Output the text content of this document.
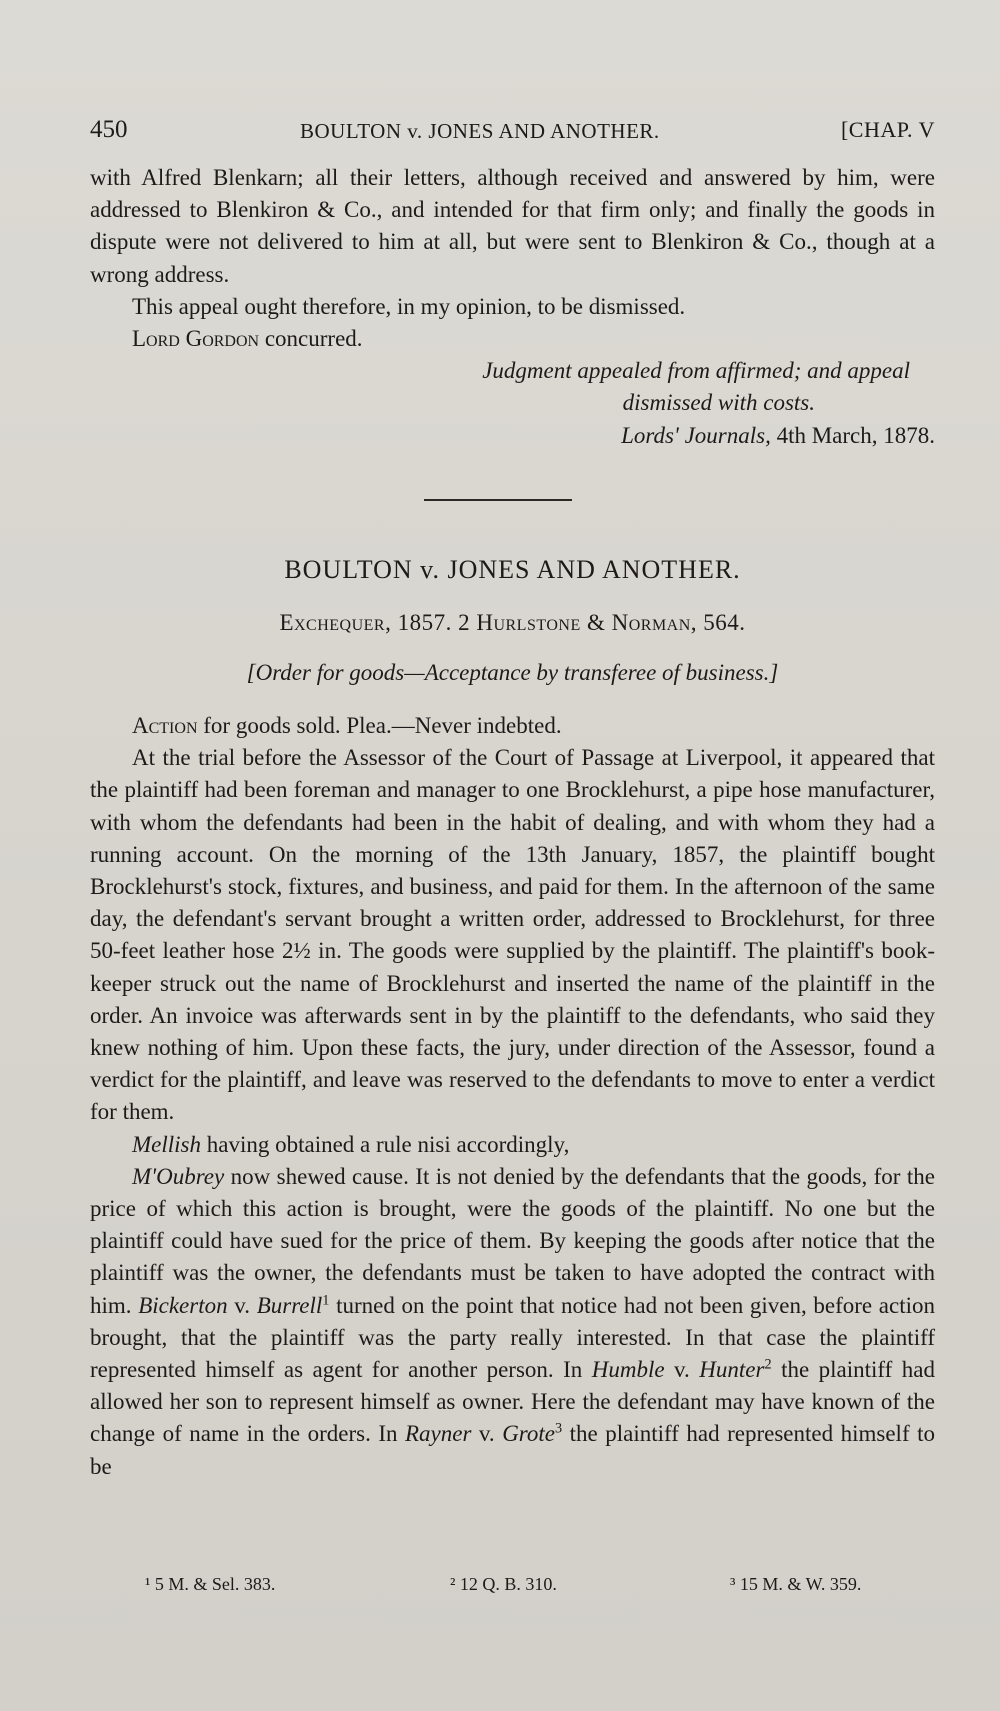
450	BOULTON v. JONES AND ANOTHER.	[CHAP. V

with Alfred Blenkarn; all their letters, although received and answered by him, were addressed to Blenkiron & Co., and intended for that firm only; and finally the goods in dispute were not delivered to him at all, but were sent to Blenkiron & Co., though at a wrong address.

This appeal ought therefore, in my opinion, to be dismissed.

Lord Gordon concurred.

Judgment appealed from affirmed; and appeal

dismissed with costs.

Lords' Journals, 4th March, 1878.

BOULTON v. JONES AND ANOTHER.
Exchequer, 1857. 2 Hurlstone & Norman, 564.
[Order for goods—Acceptance by transferee of business.]

Action for goods sold. Plea.—Never indebted.

At the trial before the Assessor of the Court of Passage at Liverpool, it appeared that the plaintiff had been foreman and manager to one Brocklehurst, a pipe hose manufacturer, with whom the defendants had been in the habit of dealing, and with whom they had a running account. On the morning of the 13th January, 1857, the plaintiff bought Brocklehurst's stock, fixtures, and business, and paid for them. In the afternoon of the same day, the defendant's servant brought a written order, addressed to Brocklehurst, for three 50-feet leather hose 2½ in. The goods were supplied by the plaintiff. The plaintiff's book-keeper struck out the name of Brocklehurst and inserted the name of the plaintiff in the order. An invoice was afterwards sent in by the plaintiff to the defendants, who said they knew nothing of him. Upon these facts, the jury, under direction of the Assessor, found a verdict for the plaintiff, and leave was reserved to the defendants to move to enter a verdict for them.

Mellish having obtained a rule nisi accordingly,

M'Oubrey now shewed cause. It is not denied by the defendants that the goods, for the price of which this action is brought, were the goods of the plaintiff. No one but the plaintiff could have sued for the price of them. By keeping the goods after notice that the plaintiff was the owner, the defendants must be taken to have adopted the contract with him. Bickerton v. Burrell$^1$ turned on the point that notice had not been given, before action brought, that the plaintiff was the party really interested. In that case the plaintiff represented himself as agent for another person. In Humble v. Hunter$^2$ the plaintiff had allowed her son to represent himself as owner. Here the defendant may have known of the change of name in the orders. In Rayner v. Grote$^3$ the plaintiff had represented himself to be

¹ 5 M. & Sel. 383.	² 12 Q. B. 310.	³ 15 M. & W. 359.
